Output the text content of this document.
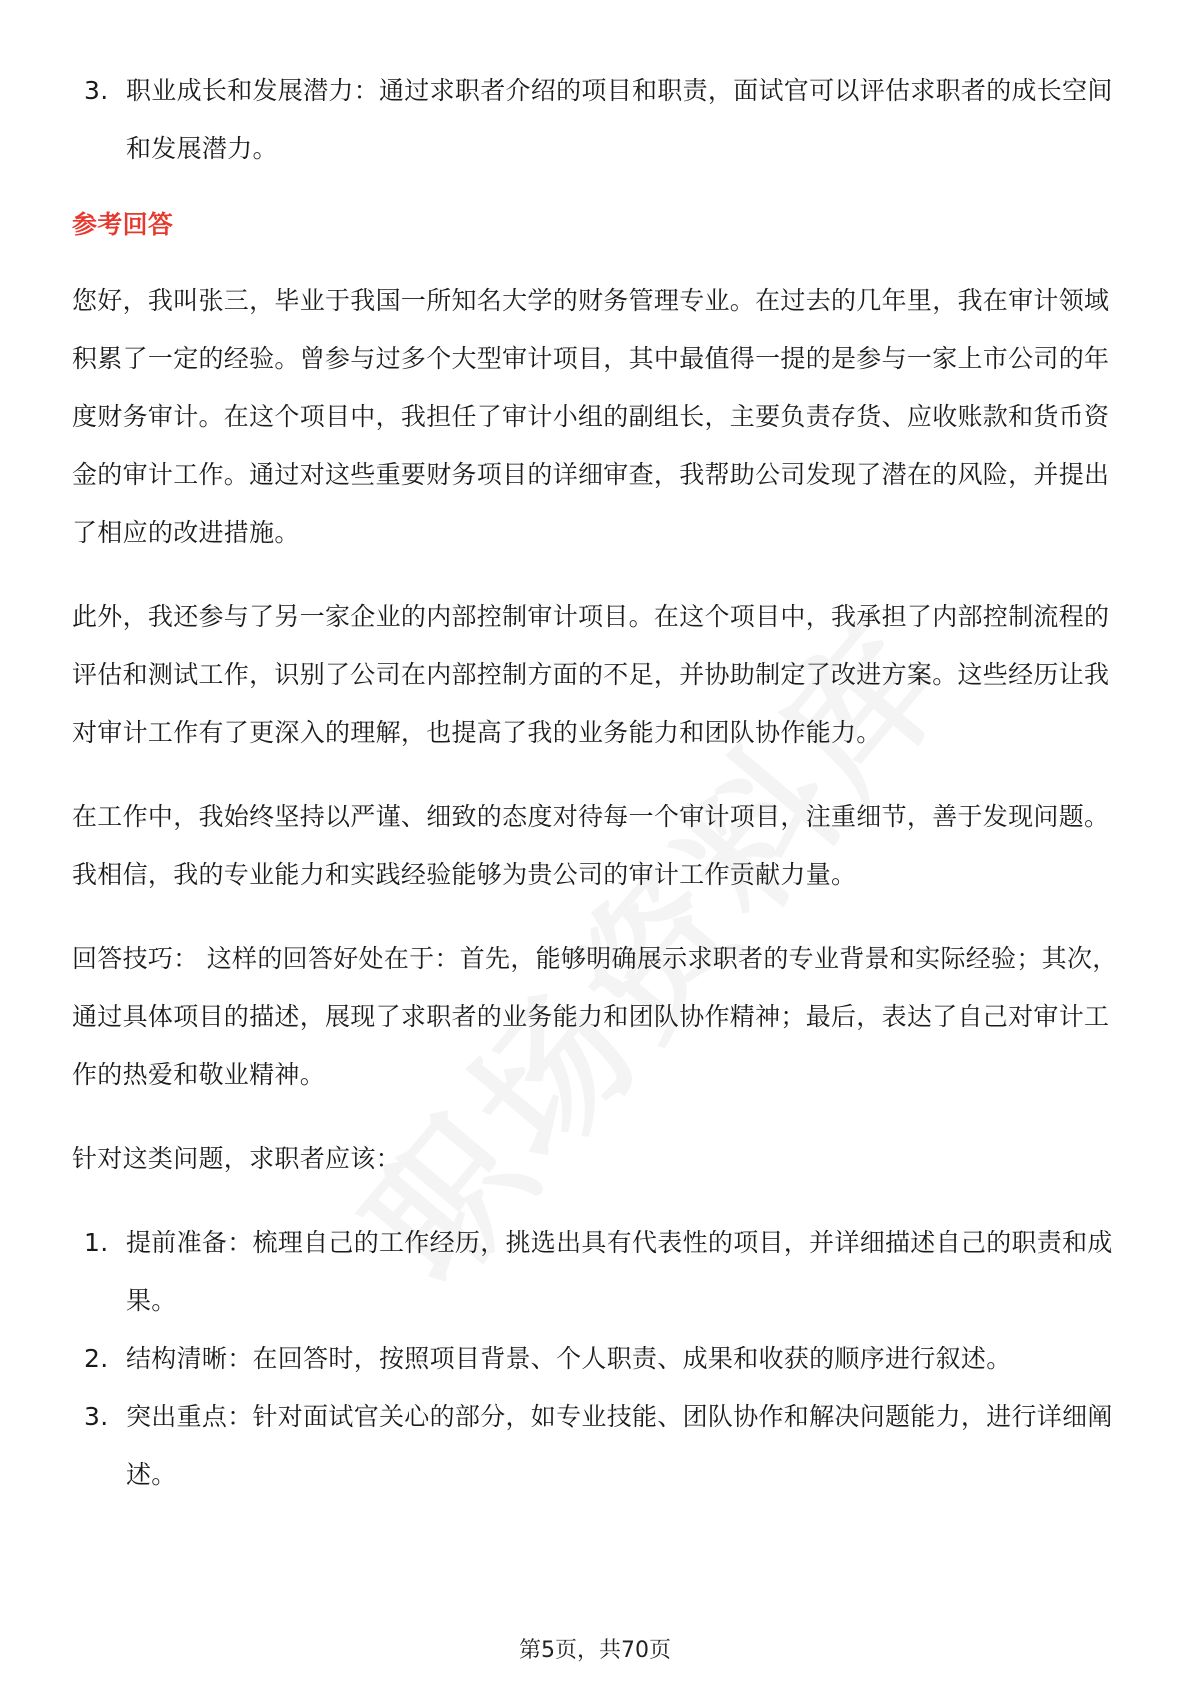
3. 职业成长和发展潜力：通过求职者介绍的项目和职责，面试官可以评估求职者的成长空间和发展潜力。
参考回答
您好，我叫张三，毕业于我国一所知名大学的财务管理专业。在过去的几年里，我在审计领域积累了一定的经验。曾参与过多个大型审计项目，其中最值得一提的是参与一家上市公司的年度财务审计。在这个项目中，我担任了审计小组的副组长，主要负责存货、应收账款和货币资金的审计工作。通过对这些重要财务项目的详细审查，我帮助公司发现了潜在的风险，并提出了相应的改进措施。
此外，我还参与了另一家企业的内部控制审计项目。在这个项目中，我承担了内部控制流程的评估和测试工作，识别了公司在内部控制方面的不足，并协助制定了改进方案。这些经历让我对审计工作有了更深入的理解，也提高了我的业务能力和团队协作能力。
在工作中，我始终坚持以严谨、细致的态度对待每一个审计项目，注重细节，善于发现问题。我相信，我的专业能力和实践经验能够为贵公司的审计工作贡献力量。
回答技巧： 这样的回答好处在于：首先，能够明确展示求职者的专业背景和实际经验；其次，通过具体项目的描述，展现了求职者的业务能力和团队协作精神；最后，表达了自己对审计工作的热爱和敬业精神。
针对这类问题，求职者应该：
1. 提前准备：梳理自己的工作经历，挑选出具有代表性的项目，并详细描述自己的职责和成果。
2. 结构清晰：在回答时，按照项目背景、个人职责、成果和收获的顺序进行叙述。
3. 突出重点：针对面试官关心的部分，如专业技能、团队协作和解决问题能力，进行详细阐述。
第5页，共70页
